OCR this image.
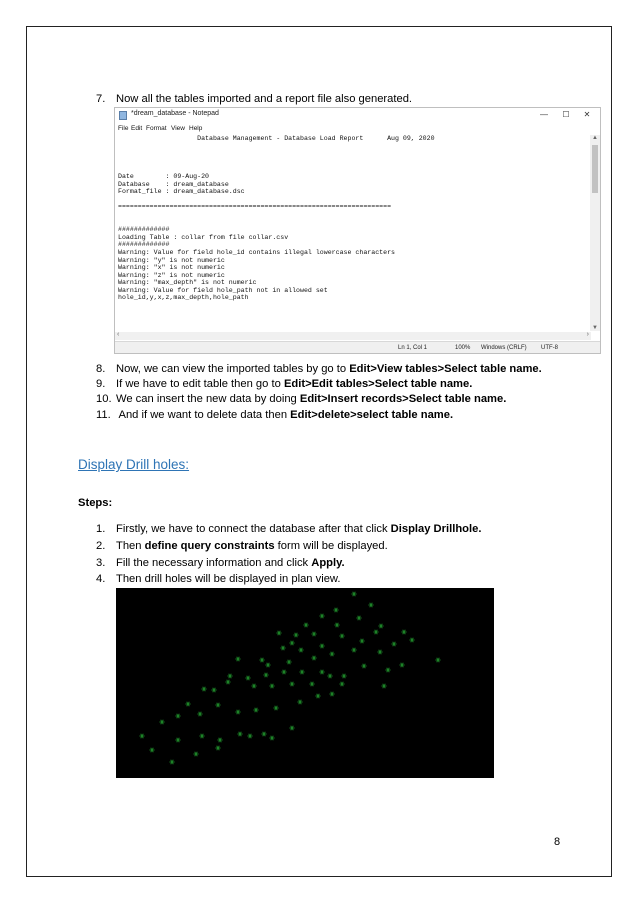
7. Now all the tables imported and a report file also generated.
*dream_database - Notepad	—	☐	✕
File Edit Format View Help
Database Management - Database Load Report      Aug 09, 2020

Date        : 09-Aug-20
Database    : dream_database
Format_file : dream_database.dsc

=====================================================================

#############
Loading Table : collar from file collar.csv
#############
Warning: Value for field hole_id contains illegal lowercase characters
Warning: "y" is not numeric
Warning: "x" is not numeric
Warning: "z" is not numeric
Warning: "max_depth" is not numeric
Warning: Value for field hole_path not in allowed set
hole_id,y,x,z,max_depth,hole_path
▲
▼
‹	›
Ln 1, Col 1	100% Windows (CRLF) UTF-8
8. Now, we can view the imported tables by go to Edit>View tables>Select table name.
9. If we have to edit table then go to Edit>Edit tables>Select table name.
10. We can insert the new data by doing Edit>Insert records>Select table name.
11. And if we want to delete data then Edit>delete>select table name.
Display Drill holes:
Steps:
1. Firstly, we have to connect the database after that click Display Drillhole.
2. Then define query constraints form will be displayed.
3. Fill the necessary information and click Apply.
4. Then drill holes will be displayed in plan view.
8
